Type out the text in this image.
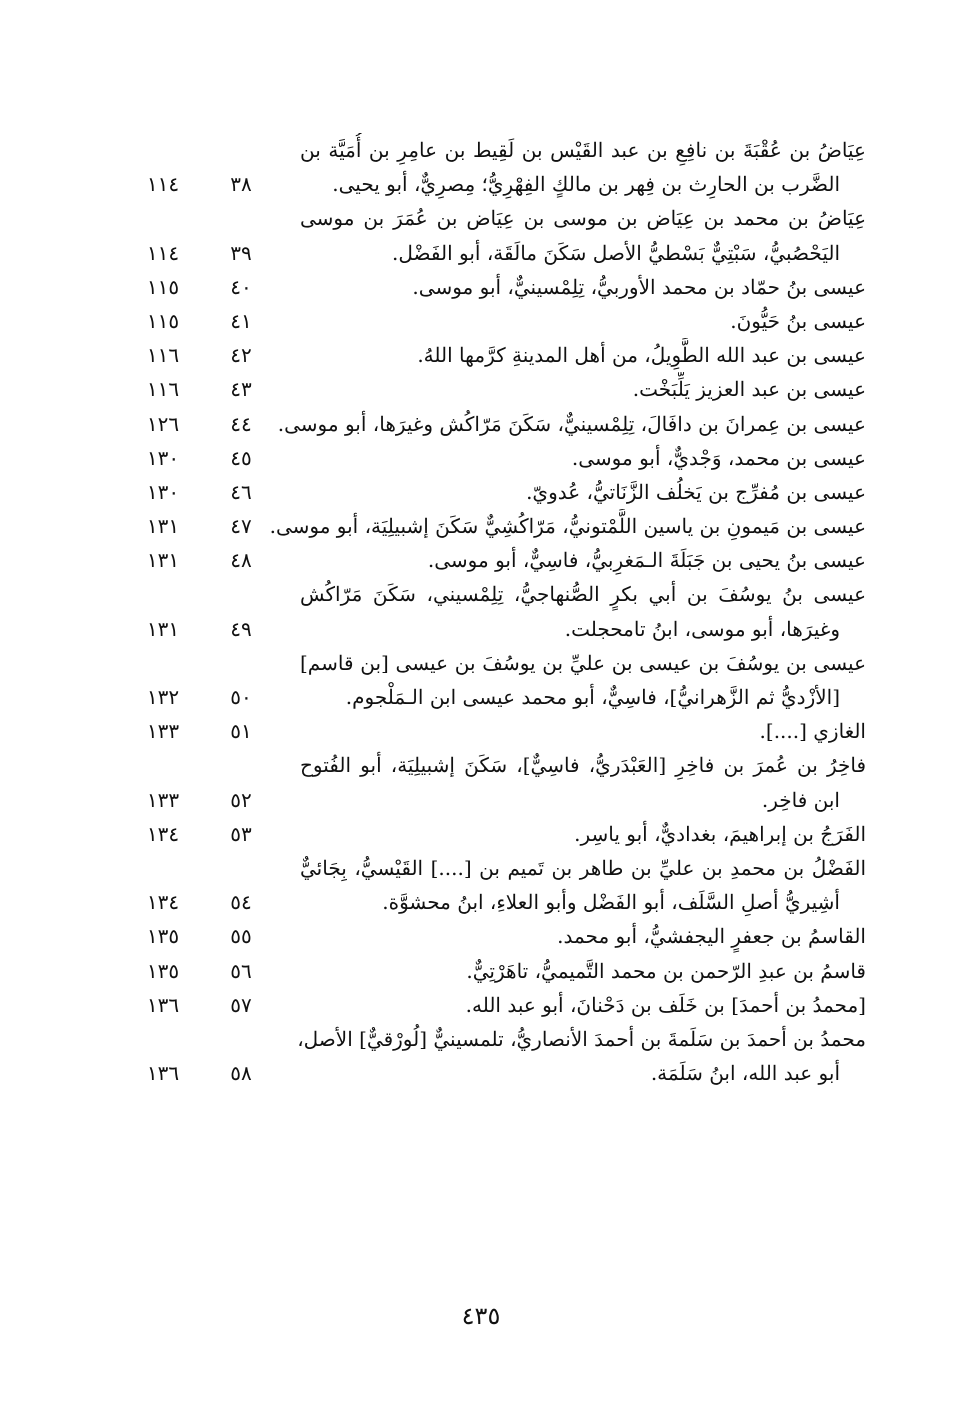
عِيَاضُ بن عُقْبَةَ بن نافِعِ بن عبد القَيْس بن لَقِيط بن عامِرِ بن أُمَيَّة بن
الضَّرب بن الحارِث بن فِهر بن مالكٍ الفِهْرِيُّ؛ مِصرِيٌّ، أبو يحيى.
٣٨
١١٤
عِيَاضُ بن محمد بن عِيَاض بن موسى بن عِيَاض بن عُمَرَ بن موسى
اليَحْصُبيُّ، سَبْتِيٌّ بَسْطيُّ الأصل سَكَنَ مالَقَة، أبو الفَضْل.
٣٩
١١٤
عيسى بنُ حمّاد بن محمد الأوربيُّ، تِلِمْسينيٌّ، أبو موسى.
٤٠
١١٥
عيسى بنُ حَيُّونَ.
٤١
١١٥
عيسى بن عبد الله الطَّوِيلُ، من أهل المدينةِ كرَّمها اللهُ.
٤٢
١١٦
عيسى بن عبد العزيز يَلِّبَخْت.
٤٣
١١٦
عيسى بن عِمرانَ بن دافَالَ، تِلِمْسينيٌّ، سَكَنَ مَرّاكُش وغيرَها، أبو موسى.
٤٤
١٢٦
عيسى بن محمد، وَجْديٌّ، أبو موسى.
٤٥
١٣٠
عيسى بن مُفرِّج بن يَخلُف الزَّنَاتيُّ، عُدويّ.
٤٦
١٣٠
عيسى بن مَيمونِ بن ياسين اللَّمْتونيُّ، مَرّاكُشِيٌّ سَكَنَ إشبيلِيَة، أبو موسى.
٤٧
١٣١
عيسى بنُ يحيى بن جَبَلَةَ الـمَغرِبيُّ، فاسِيٌّ، أبو موسى.
٤٨
١٣١
عيسى بنُ يوسُفَ بن أبي بكرٍ الصُّنهاجيُّ، تِلِمْسيني، سَكَنَ مَرّاكُش
وغيرَها، أبو موسى، ابنُ تامحجلت.
٤٩
١٣١
عيسى بن يوسُفَ بن عيسى بن عليِّ بن يوسُفَ بن عيسى [بن قاسم]
[الأزْديُّ ثم الزَّهرانيُّ]، فاسِيٌّ، أبو محمد عيسى ابن الـمَلْجوم.
٥٠
١٣٢
الغازي [....].
٥١
١٣٣
فاخِرُ بن عُمرَ بن فاخِرِ [العَبْدَريُّ، فاسِيٌّ]، سَكَنَ إشبيلِيَة، أبو الفُتوح
ابن فاخِر.
٥٢
١٣٣
الفَرَجُ بن إبراهيمَ، بغداديٌّ، أبو ياسِر.
٥٣
١٣٤
الفَضْلُ بن محمدِ بن عليِّ بن طاهر بن تَميم بن [....] القَيْسيُّ، بِجَائيٌّ
أشِيريُّ أصلِ السَّلَف، أبو الفَضْل وأبو العلاءِ، ابنُ محشوَّة.
٥٤
١٣٤
القاسمُ بن جعفرٍ اليجفشيُّ، أبو محمد.
٥٥
١٣٥
قاسمُ بن عبدِ الرّحمن بن محمد التَّميميُّ، تاهَرْتِيٌّ.
٥٦
١٣٥
[محمدُ بن أحمدَ] بن خَلَف بن دَحْنانَ، أبو عبد الله.
٥٧
١٣٦
محمدُ بن أحمدَ بن سَلَمةَ بن أحمدَ الأنصاريُّ، تلمسينيٌّ [لُورْقيٌّ] الأصل،
أبو عبد الله، ابنُ سَلَمَة.
٥٨
١٣٦
٤٣٥
